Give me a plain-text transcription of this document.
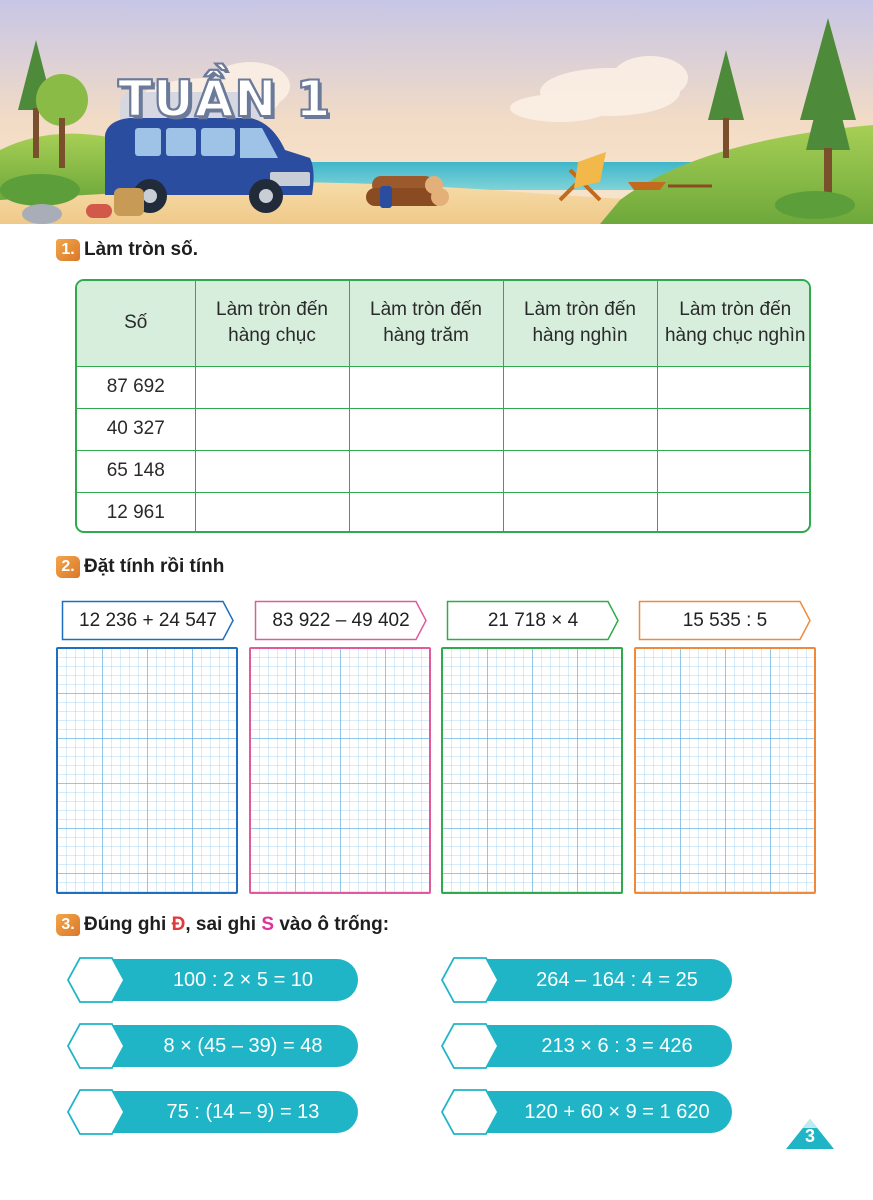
TUẦN 1
1. Làm tròn số.
Số	Làm tròn đến hàng chục	Làm tròn đến hàng trăm	Làm tròn đến hàng nghìn	Làm tròn đến hàng chục nghìn
87 692				
40 327				
65 148				
12 961				
2. Đặt tính rồi tính
12 236 + 24 547	83 922 – 49 402	21 718 × 4	15 535 : 5
3. Đúng ghi Đ, sai ghi S vào ô trống:
100 : 2 × 5 = 10
8 × (45 – 39) = 48
75 : (14 – 9) = 13
264 – 164 : 4 = 25
213 × 6 : 3 = 426
120 + 60 × 9 = 1 620
3
